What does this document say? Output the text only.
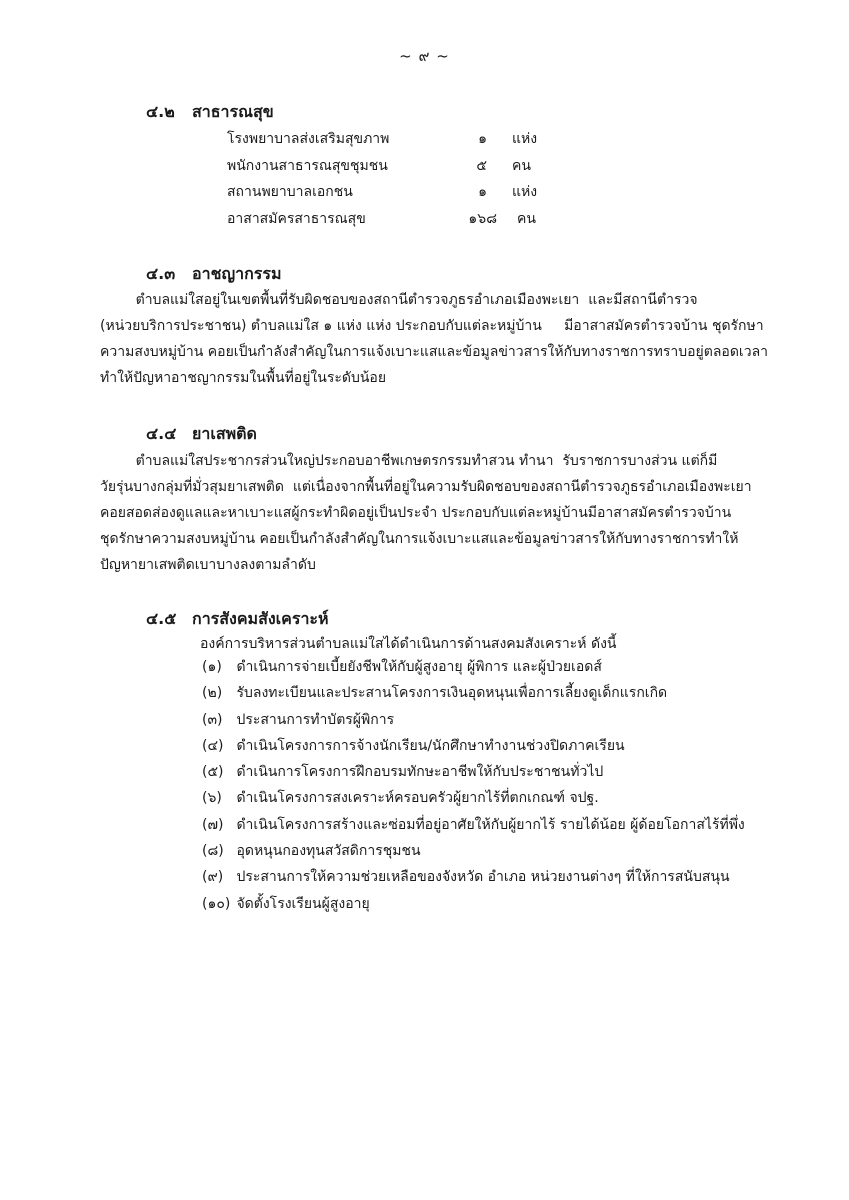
~ ๙ ~
๔.๒ สาธารณสุข
โรงพยาบาลส่งเสริมสุขภาพ	๑ แห่ง
พนักงานสาธารณสุขชุมชน	๕ คน
สถานพยาบาลเอกชน	๑ แห่ง
อาสาสมัครสาธารณสุข	๑๖๘ คน
๔.๓ อาชญากรรม
ตำบลแม่ใสอยู่ในเขตพื้นที่รับผิดชอบของสถานีตำรวจภูธรอำเภอเมืองพะเยา  และมีสถานีตำรวจ
(หน่วยบริการประชาชน) ตำบลแม่ใส ๑ แห่ง แห่ง ประกอบกับแต่ละหมู่บ้าน     มีอาสาสมัครตำรวจบ้าน ชุดรักษา
ความสงบหมู่บ้าน คอยเป็นกำลังสำคัญในการแจ้งเบาะแสและข้อมูลข่าวสารให้กับทางราชการทราบอยู่ตลอดเวลา
ทำให้ปัญหาอาชญากรรมในพื้นที่อยู่ในระดับน้อย
๔.๔ ยาเสพติด
ตำบลแม่ใสประชากรส่วนใหญ่ประกอบอาชีพเกษตรกรรมทำสวน ทำนา  รับราชการบางส่วน แต่ก็มี
วัยรุ่นบางกลุ่มที่มั่วสุมยาเสพติด  แต่เนื่องจากพื้นที่อยู่ในความรับผิดชอบของสถานีตำรวจภูธรอำเภอเมืองพะเยา
คอยสอดส่องดูแลและหาเบาะแสผู้กระทำผิดอยู่เป็นประจำ ประกอบกับแต่ละหมู่บ้านมีอาสาสมัครตำรวจบ้าน
ชุดรักษาความสงบหมู่บ้าน คอยเป็นกำลังสำคัญในการแจ้งเบาะแสและข้อมูลข่าวสารให้กับทางราชการทำให้
ปัญหายาเสพติดเบาบางลงตามลำดับ
๔.๕ การสังคมสังเคราะห์
องค์การบริหารส่วนตำบลแม่ใสได้ดำเนินการด้านสงคมสังเคราะห์ ดังนี้
(๑) ดำเนินการจ่ายเบี้ยยังชีพให้กับผู้สูงอายุ ผู้พิการ และผู้ป่วยเอดส์
(๒) รับลงทะเบียนและประสานโครงการเงินอุดหนุนเพื่อการเลี้ยงดูเด็กแรกเกิด
(๓) ประสานการทำบัตรผู้พิการ
(๔) ดำเนินโครงการการจ้างนักเรียน/นักศึกษาทำงานช่วงปิดภาคเรียน
(๕) ดำเนินการโครงการฝึกอบรมทักษะอาชีพให้กับประชาชนทั่วไป
(๖) ดำเนินโครงการสงเคราะห์ครอบครัวผู้ยากไร้ที่ตกเกณฑ์ จปฐ.
(๗) ดำเนินโครงการสร้างและซ่อมที่อยู่อาศัยให้กับผู้ยากไร้ รายได้น้อย ผู้ด้อยโอกาสไร้ที่พึ่ง
(๘) อุดหนุนกองทุนสวัสดิการชุมชน
(๙) ประสานการให้ความช่วยเหลือของจังหวัด อำเภอ หน่วยงานต่างๆ ที่ให้การสนับสนุน
(๑๐) จัดตั้งโรงเรียนผู้สูงอายุ
